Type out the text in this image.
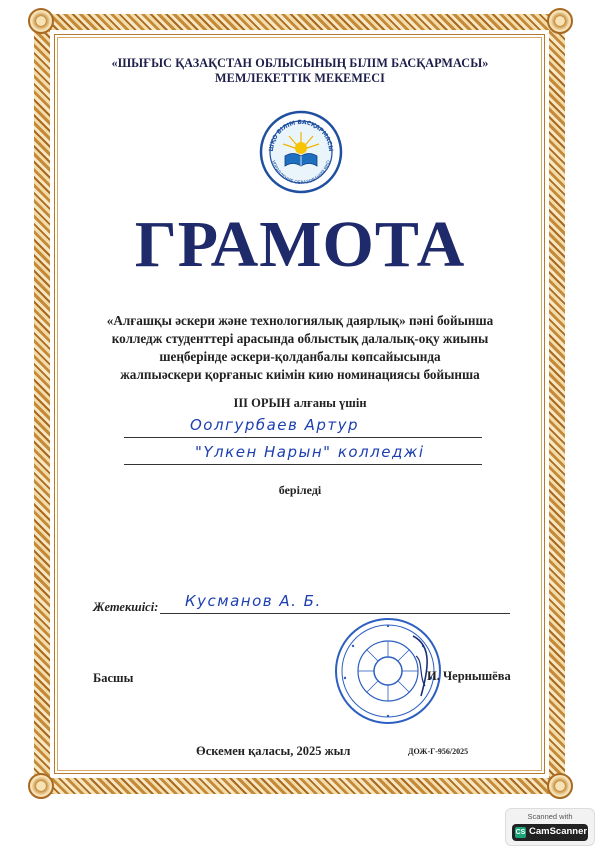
«ШЫҒЫС ҚАЗАҚСТАН ОБЛЫСЫНЫҢ БІЛІМ БАСҚАРМАСЫ»
МЕМЛЕКЕТТІК МЕКЕМЕСІ
ШҚО БІЛІМ БАСҚАРМАСЫ
УПРАВЛЕНИЕ ОБРАЗОВАНИЯ ВКО
ГРАМОТА
«Алғашқы әскери және технологиялық даярлық» пәні бойынша
колледж студенттері арасында облыстық далалық-оқу жиыны
шеңберінде әскери-қолданбалы көпсайысында
жалпыәскери қорғаныс киімін кию номинациясы бойынша
ІІІ ОРЫН алғаны үшін
Оолгурбаев Артур
"Үлкен Нарын" колледжі
беріледі
Жетекшісі: Кусманов А. Б.
Басшы	И. Чернышёва
Өскемен қаласы, 2025 жыл	ДОЖ-Г-956/2025
Scanned with
CS CamScanner
